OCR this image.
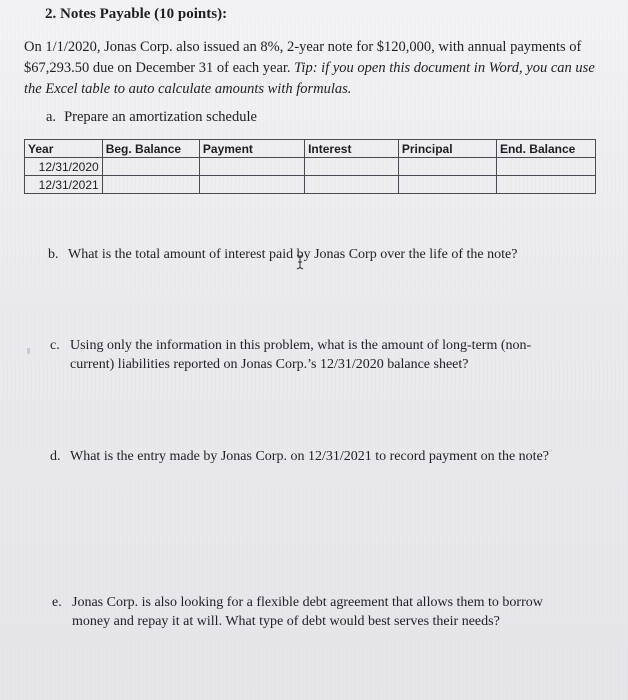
2. Notes Payable (10 points):
On 1/1/2020, Jonas Corp. also issued an 8%, 2-year note for $120,000, with annual payments of $67,293.50 due on December 31 of each year. Tip: if you open this document in Word, you can use the Excel table to auto calculate amounts with formulas.
a. Prepare an amortization schedule
Year	Beg. Balance	Payment	Interest	Principal	End. Balance
12/31/2020					
12/31/2021					
b. What is the total amount of interest paid by Jonas Corp over the life of the note?
c. Using only the information in this problem, what is the amount of long-term (non-current) liabilities reported on Jonas Corp.’s 12/31/2020 balance sheet?
d. What is the entry made by Jonas Corp. on 12/31/2021 to record payment on the note?
e. Jonas Corp. is also looking for a flexible debt agreement that allows them to borrow money and repay it at will. What type of debt would best serves their needs?
